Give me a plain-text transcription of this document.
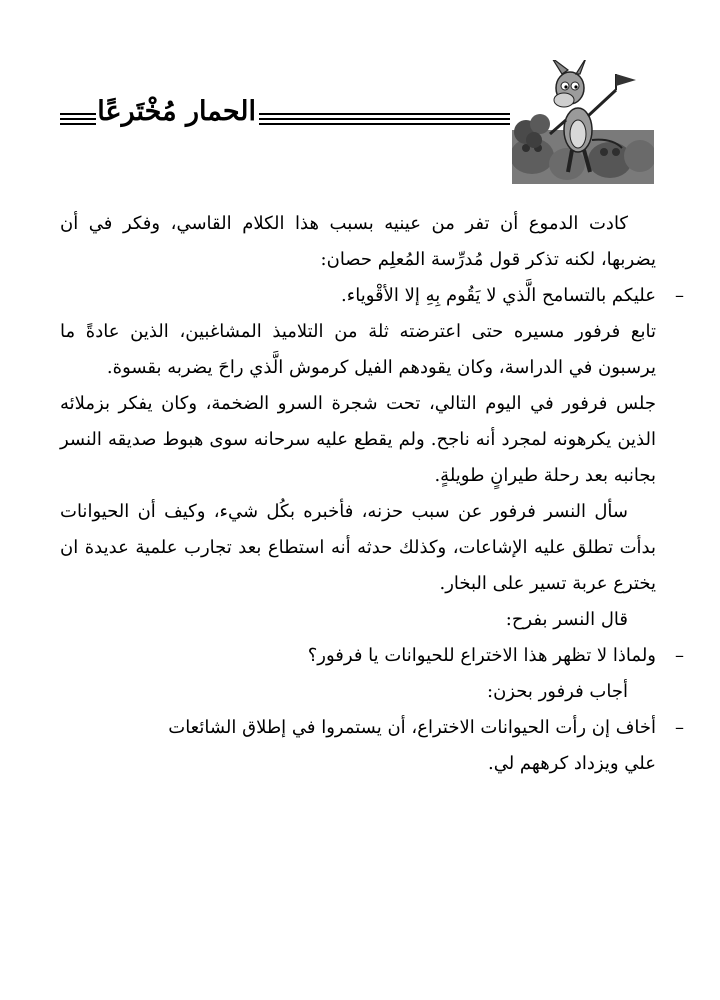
الحمار مُخْتَرعًا

كادت الدموع أن تفر من عينيه بسبب هذا الكلام القاسي، وفكر في أن يضربها، لكنه تذكر قول مُدرِّسة المُعلِم حصان:

–عليكم بالتسامح الَّذي لا يَقُوم بِهِ إلا الأقْوياء.

تابع فرفور مسيره حتى اعترضته ثلة من التلاميذ المشاغبين، الذين عادةً ما يرسبون في الدراسة، وكان يقودهم الفيل كرموش الَّذي راحَ يضربه بقسوة.

جلس فرفور في اليوم التالي، تحت شجرة السرو الضخمة، وكان يفكر بزملائه الذين يكرهونه لمجرد أنه ناجح. ولم يقطع عليه سرحانه سوى هبوط صديقه النسر بجانبه بعد رحلة طيرانٍ طويلةٍ.

سأل النسر فرفور عن سبب حزنه، فأخبره بكُل شيء، وكيف أن الحيوانات بدأت تطلق عليه الإشاعات، وكذلك حدثه أنه استطاع بعد تجارب علمية عديدة ان يخترع عربة تسير على البخار.

قال النسر بفرح:

–ولماذا لا تظهر هذا الاختراع للحيوانات يا فرفور؟

أجاب فرفور بحزن:

–أخاف إن رأت الحيوانات الاختراع، أن يستمروا في إطلاق الشائعات

علي ويزداد كرههم لي.
